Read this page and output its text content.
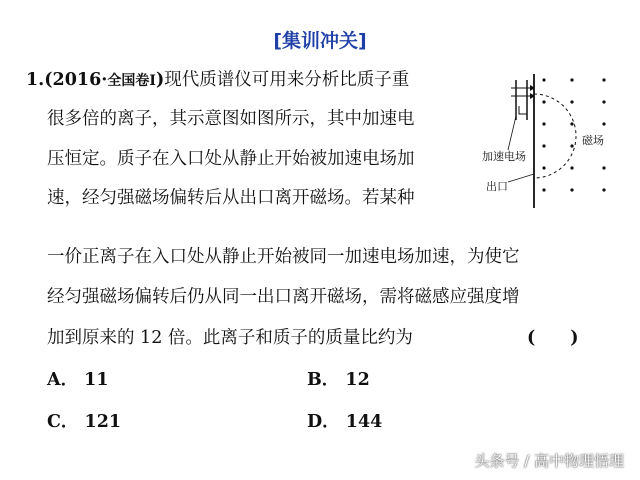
[集训冲关]
1.(2016·全国卷Ⅰ)现代质谱仪可用来分析比质子重
很多倍的离子，其示意图如图所示，其中加速电
压恒定。质子在入口处从静止开始被加速电场加
速，经匀强磁场偏转后从出口离开磁场。若某种
一价正离子在入口处从静止开始被同一加速电场加速，为使它
经匀强磁场偏转后仍从同一出口离开磁场，需将磁感应强度增
加到原来的 12 倍。此离子和质子的质量比约为	(　　)
A． 11	B． 12
C． 121	D． 144
磁场
加速电场
出口
头条号 / 高中物理悟理
